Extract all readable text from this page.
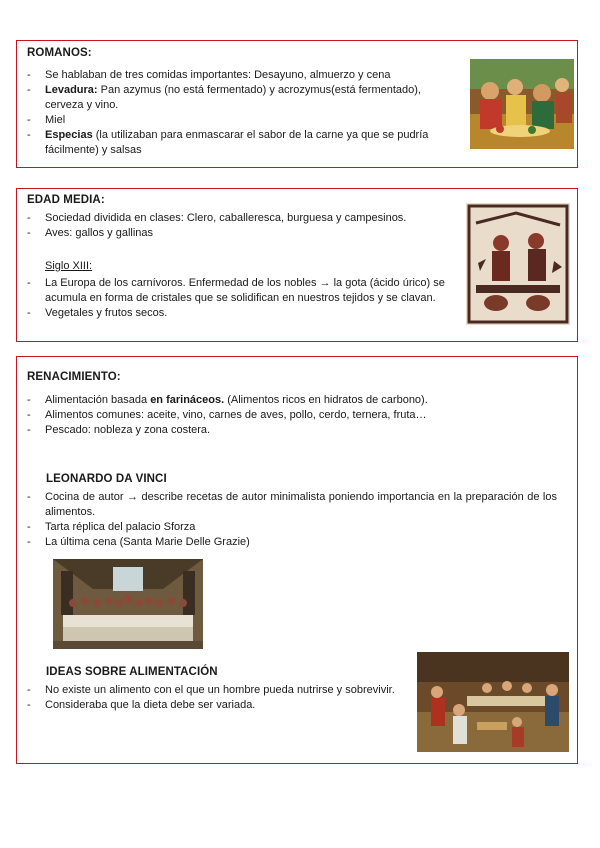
ROMANOS:
- Se hablaban de tres comidas importantes: Desayuno, almuerzo y cena
- Levadura: Pan azymus (no está fermentado) y acrozymus(está fermentado), cerveza y vino.
- Miel
- Especias (la utilizaban para enmascarar el sabor de la carne ya que se pudría fácilmente) y salsas
EDAD MEDIA:
- Sociedad dividida en clases: Clero, caballeresca, burguesa y campesinos.
- Aves: gallos y gallinas
Siglo XIII:
- La Europa de los carnívoros. Enfermedad de los nobles → la gota (ácido úrico) se acumula en forma de cristales que se solidifican en nuestros tejidos y se clavan.
- Vegetales y frutos secos.
RENACIMIENTO:
- Alimentación basada en farináceos. (Alimentos ricos en hidratos de carbono).
- Alimentos comunes: aceite, vino, carnes de aves, pollo, cerdo, ternera, fruta…
- Pescado: nobleza y zona costera.
LEONARDO DA VINCI
- Cocina de autor → describe recetas de autor minimalista poniendo importancia en la preparación de los alimentos.
- Tarta réplica del palacio Sforza
- La última cena (Santa Marie Delle Grazie)
IDEAS SOBRE ALIMENTACIÓN
- No existe un alimento con el que un hombre pueda nutrirse y sobrevivir.
- Consideraba que la dieta debe ser variada.
